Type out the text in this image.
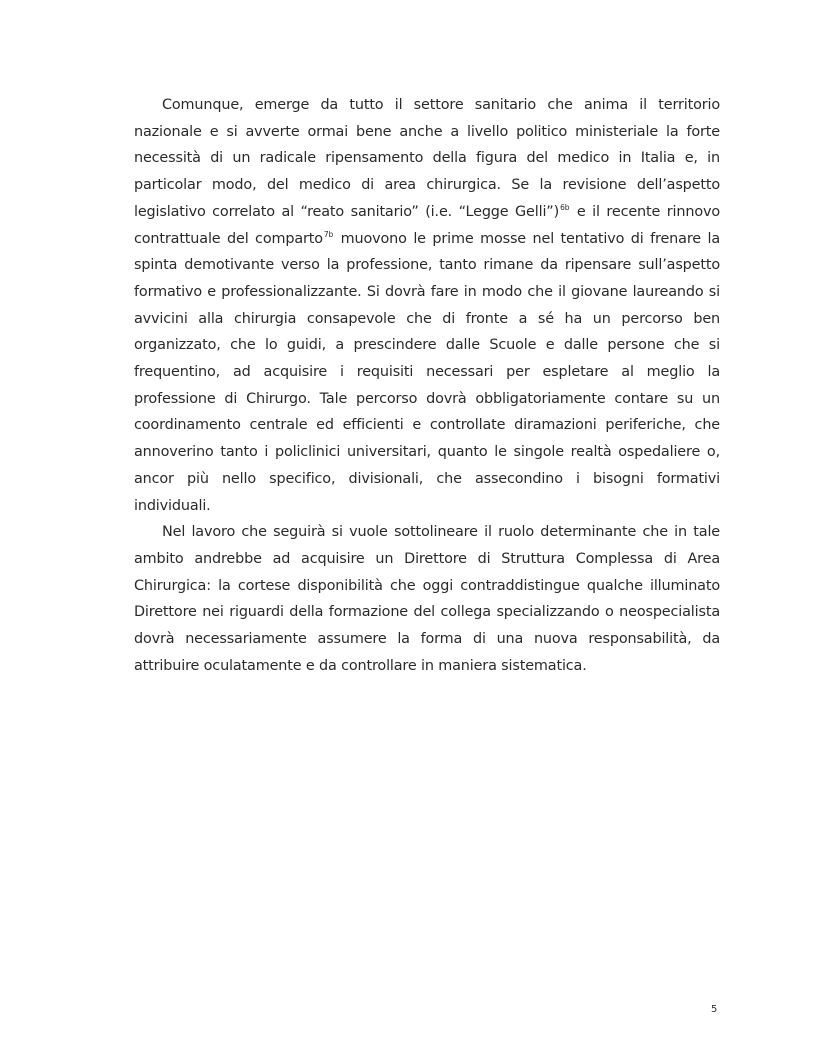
Comunque, emerge da tutto il settore sanitario che anima il territorio nazionale e si avverte ormai bene anche a livello politico ministeriale la forte necessità di un radicale ripensamento della figura del medico in Italia e, in particolar modo, del medico di area chirurgica. Se la revisione dell’aspetto legislativo correlato al “reato sanitario” (i.e. “Legge Gelli”)$^{6b}$ e il recente rinnovo contrattuale del comparto$^{7b}$ muovono le prime mosse nel tentativo di frenare la spinta demotivante verso la professione, tanto rimane da ripensare sull’aspetto formativo e professionalizzante. Si dovrà fare in modo che il giovane laureando si avvicini alla chirurgia consapevole che di fronte a sé ha un percorso ben organizzato, che lo guidi, a prescindere dalle Scuole e dalle persone che si frequentino, ad acquisire i requisiti necessari per espletare al meglio la professione di Chirurgo. Tale percorso dovrà obbligatoriamente contare su un coordinamento centrale ed efficienti e controllate diramazioni periferiche, che annoverino tanto i policlinici universitari, quanto le singole realtà ospedaliere o, ancor più nello specifico, divisionali, che assecondino i bisogni formativi individuali.

Nel lavoro che seguirà si vuole sottolineare il ruolo determinante che in tale ambito andrebbe ad acquisire un Direttore di Struttura Complessa di Area Chirurgica: la cortese disponibilità che oggi contraddistingue qualche illuminato Direttore nei riguardi della formazione del collega specializzando o neospecialista dovrà necessariamente assumere la forma di una nuova responsabilità, da attribuire oculatamente e da controllare in maniera sistematica.

5
